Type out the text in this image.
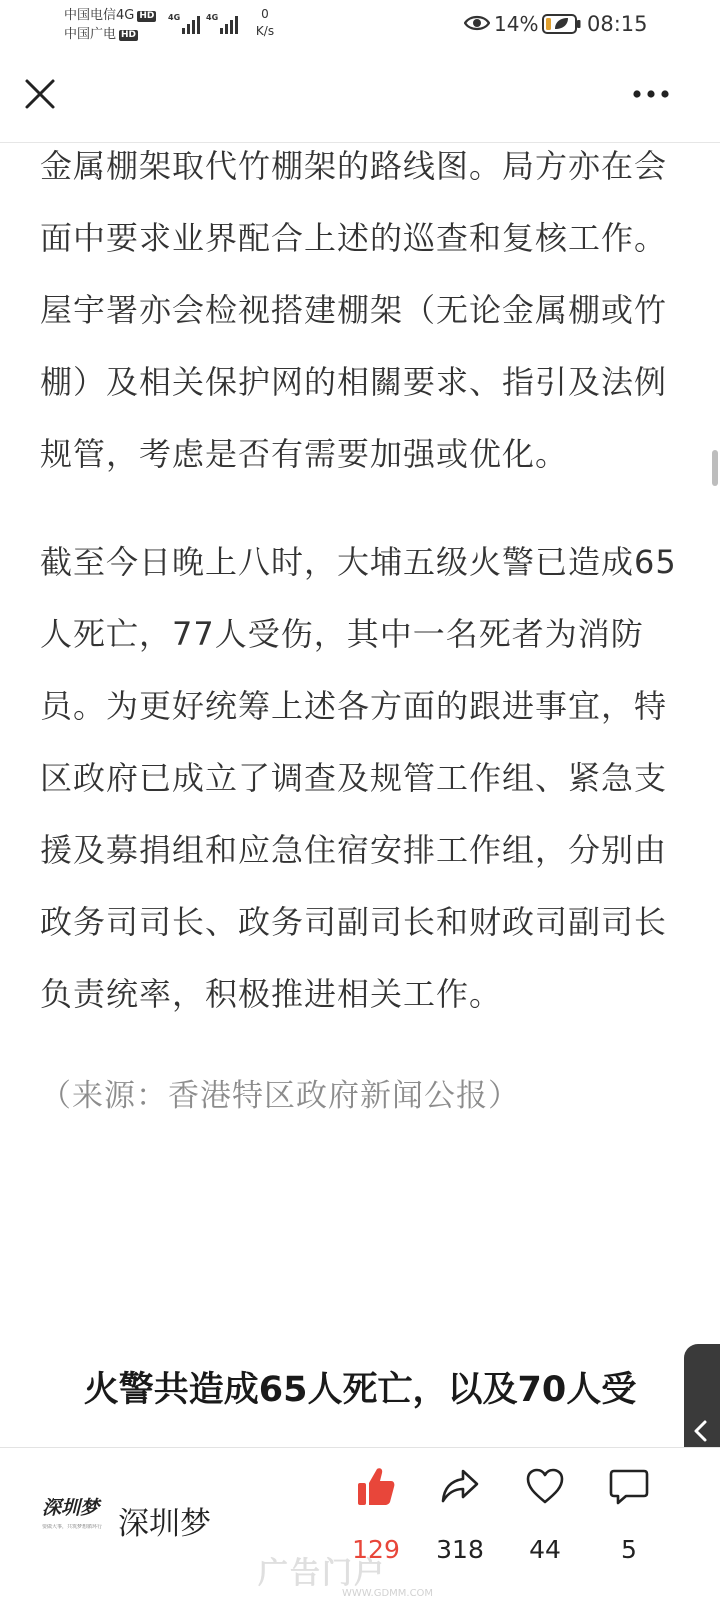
中国电信4G HD
中国广电 HD
4G	4G	0
K/s	14% 08:15

金属棚架取代竹棚架的路线图。局方亦在会面中要求业界配合上述的巡查和复核工作。屋宇署亦会检视搭建棚架（无论金属棚或竹棚）及相关保护网的相關要求、指引及法例规管，考虑是否有需要加强或优化。

截至今日晚上八时，大埔五级火警已造成65人死亡，77人受伤，其中一名死者为消防员。为更好统筹上述各方面的跟进事宜，特区政府已成立了调查及规管工作组、紧急支援及募捐组和应急住宿安排工作组，分别由政务司司长、政务司副司长和财政司副司长负责统率，积极推进相关工作。

（来源：香港特区政府新闻公报）

火警共造成65人死亡，以及70人受
深圳梦
要做大事，共筑梦想循环行 深圳梦
129	318	44	5
广告门户
WWW.GDMM.COM
